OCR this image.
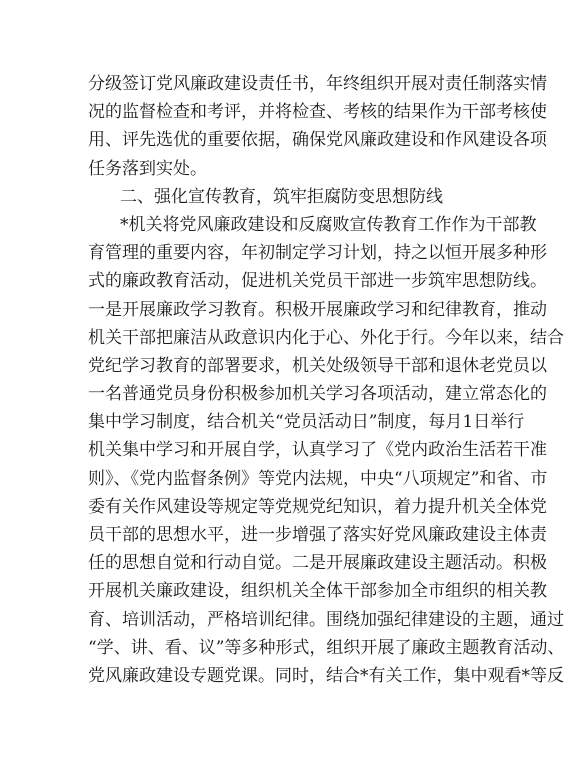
分级签订党风廉政建设责任书，年终组织开展对责任制落实情
况的监督检查和考评，并将检查、考核的结果作为干部考核使
用、评先选优的重要依据，确保党风廉政建设和作风建设各项
任务落到实处。
二、强化宣传教育，筑牢拒腐防变思想防线
*机关将党风廉政建设和反腐败宣传教育工作作为干部教
育管理的重要内容，年初制定学习计划，持之以恒开展多种形
式的廉政教育活动，促进机关党员干部进一步筑牢思想防线。
一是开展廉政学习教育。积极开展廉政学习和纪律教育，推动
机关干部把廉洁从政意识内化于心、外化于行。今年以来，结合
党纪学习教育的部署要求，机关处级领导干部和退休老党员以
一名普通党员身份积极参加机关学习各项活动，建立常态化的
集中学习制度，结合机关“党员活动日”制度，每月1日举行
机关集中学习和开展自学，认真学习了《党内政治生活若干准
则》、《党内监督条例》等党内法规，中央“八项规定”和省、市
委有关作风建设等规定等党规党纪知识，着力提升机关全体党
员干部的思想水平，进一步增强了落实好党风廉政建设主体责
任的思想自觉和行动自觉。二是开展廉政建设主题活动。积极
开展机关廉政建设，组织机关全体干部参加全市组织的相关教
育、培训活动，严格培训纪律。围绕加强纪律建设的主题，通过
“学、讲、看、议”等多种形式，组织开展了廉政主题教育活动、
党风廉政建设专题党课。同时，结合*有关工作，集中观看*等反
